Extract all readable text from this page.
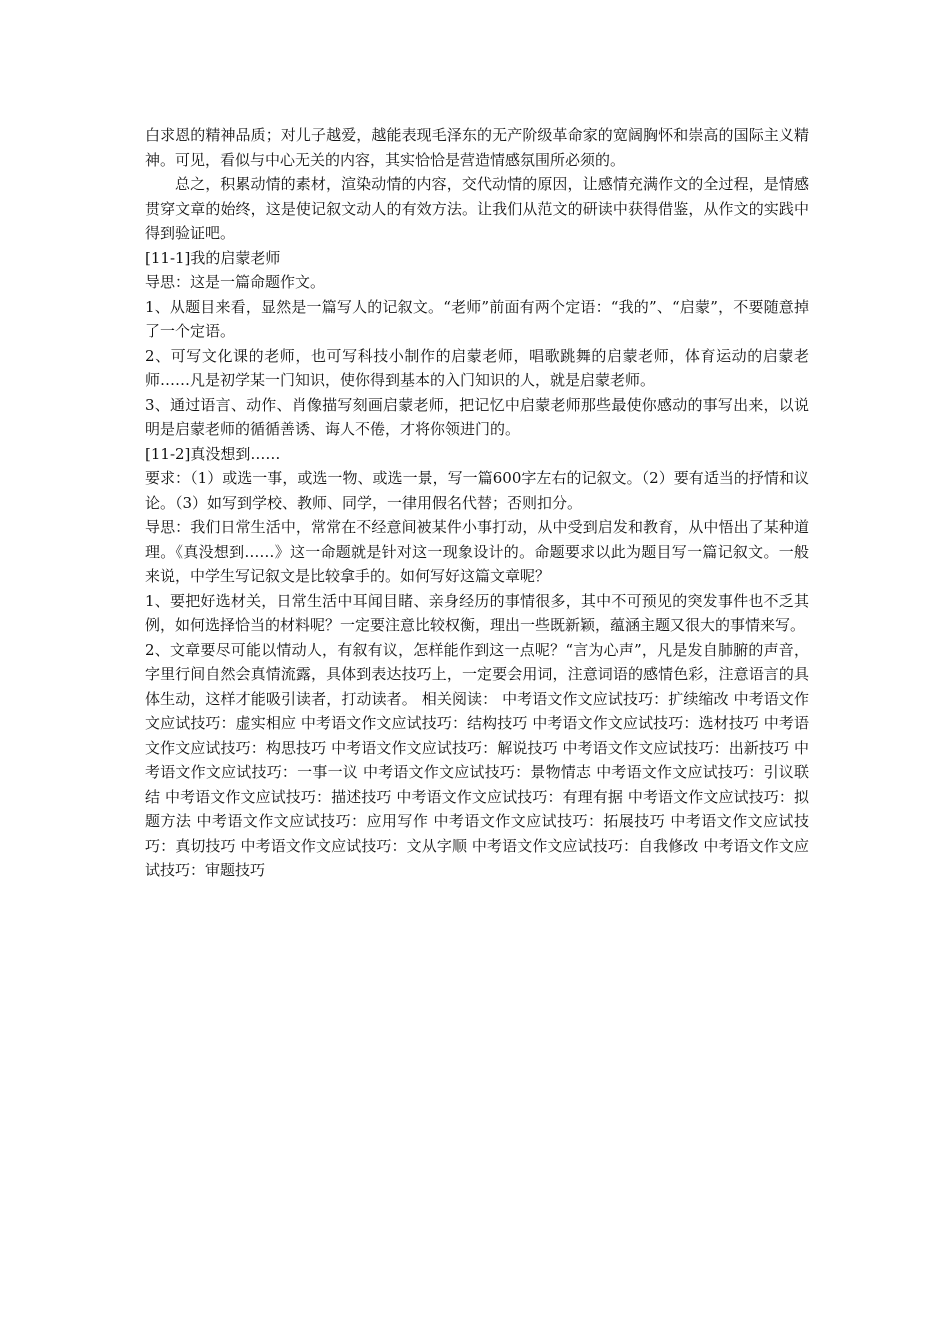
白求恩的精神品质；对儿子越爱，越能表现毛泽东的无产阶级革命家的宽阔胸怀和崇高的国际主义精神。可见，看似与中心无关的内容，其实恰恰是营造情感氛围所必须的。

总之，积累动情的素材，渲染动情的内容，交代动情的原因，让感情充满作文的全过程，是情感贯穿文章的始终，这是使记叙文动人的有效方法。让我们从范文的研读中获得借鉴，从作文的实践中得到验证吧。

[11-1]我的启蒙老师

导思：这是一篇命题作文。

1、从题目来看，显然是一篇写人的记叙文。“老师”前面有两个定语：“我的”、“启蒙”，不要随意掉了一个定语。

2、可写文化课的老师，也可写科技小制作的启蒙老师，唱歌跳舞的启蒙老师，体育运动的启蒙老师……凡是初学某一门知识，使你得到基本的入门知识的人，就是启蒙老师。

3、通过语言、动作、肖像描写刻画启蒙老师，把记忆中启蒙老师那些最使你感动的事写出来，以说明是启蒙老师的循循善诱、诲人不倦，才将你领进门的。

[11-2]真没想到……

要求：（1）或选一事，或选一物、或选一景，写一篇600字左右的记叙文。（2）要有适当的抒情和议论。（3）如写到学校、教师、同学，一律用假名代替；否则扣分。

导思：我们日常生活中，常常在不经意间被某件小事打动，从中受到启发和教育，从中悟出了某种道理。《真没想到……》这一命题就是针对这一现象设计的。命题要求以此为题目写一篇记叙文。一般来说，中学生写记叙文是比较拿手的。如何写好这篇文章呢？

1、要把好选材关，日常生活中耳闻目睹、亲身经历的事情很多，其中不可预见的突发事件也不乏其例，如何选择恰当的材料呢？一定要注意比较权衡，理出一些既新颖，蕴涵主题又很大的事情来写。

2、文章要尽可能以情动人，有叙有议，怎样能作到这一点呢？“言为心声”，凡是发自肺腑的声音，字里行间自然会真情流露，具体到表达技巧上，一定要会用词，注意词语的感情色彩，注意语言的具体生动，这样才能吸引读者，打动读者。 相关阅读： 中考语文作文应试技巧：扩续缩改 中考语文作文应试技巧：虚实相应 中考语文作文应试技巧：结构技巧 中考语文作文应试技巧：选材技巧 中考语文作文应试技巧：构思技巧 中考语文作文应试技巧：解说技巧 中考语文作文应试技巧：出新技巧 中考语文作文应试技巧：一事一议 中考语文作文应试技巧：景物情志 中考语文作文应试技巧：引议联结 中考语文作文应试技巧：描述技巧 中考语文作文应试技巧：有理有据 中考语文作文应试技巧：拟题方法 中考语文作文应试技巧：应用写作 中考语文作文应试技巧：拓展技巧 中考语文作文应试技巧：真切技巧 中考语文作文应试技巧：文从字顺 中考语文作文应试技巧：自我修改 中考语文作文应试技巧：审题技巧
